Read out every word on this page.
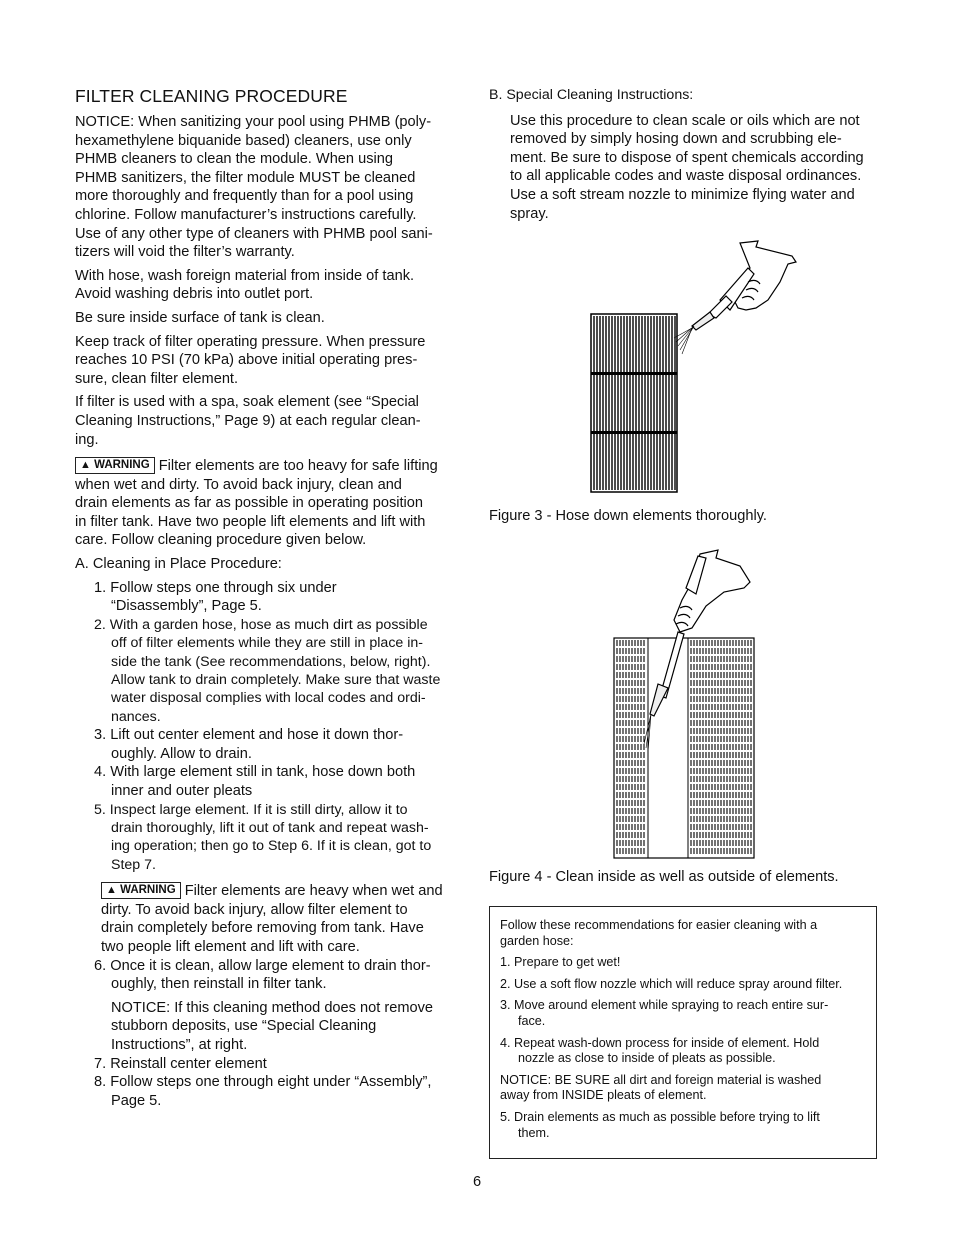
FILTER CLEANING PROCEDURE

NOTICE: When sanitizing your pool using PHMB (poly-
hexamethylene biquanide based) cleaners, use only
PHMB cleaners to clean the module. When using
PHMB sanitizers, the filter module MUST be cleaned
more thoroughly and frequently than for a pool using
chlorine. Follow manufacturer’s instructions carefully.
Use of any other type of cleaners with PHMB pool sani-
tizers will void the filter’s warranty.

With hose, wash foreign material from inside of tank.
Avoid washing debris into outlet port.

Be sure inside surface of tank is clean.

Keep track of filter operating pressure. When pressure
reaches 10 PSI (70 kPa) above initial operating pres-
sure, clean filter element.

If filter is used with a spa, soak element (see “Special
Cleaning Instructions,” Page 9) at each regular clean-
ing.

▲ WARNING Filter elements are too heavy for safe lifting
when wet and dirty. To avoid back injury, clean and
drain elements as far as possible in operating position
in filter tank. Have two people lift elements and lift with
care. Follow cleaning procedure given below.

A. Cleaning in Place Procedure:

1. Follow steps one through six under
“Disassembly”, Page 5.

2. With a garden hose, hose as much dirt as possible
off of filter elements while they are still in place in-
side the tank (See recommendations, below, right).
Allow tank to drain completely. Make sure that waste
water disposal complies with local codes and ordi-
nances.

3. Lift out center element and hose it down thor-
oughly. Allow to drain.

4. With large element still in tank, hose down both
inner and outer pleats

5. Inspect large element. If it is still dirty, allow it to
drain thoroughly, lift it out of tank and repeat wash-
ing operation; then go to Step 6. If it is clean, got to
Step 7.

▲ WARNING Filter elements are heavy when wet and
dirty. To avoid back injury, allow filter element to
drain completely before removing from tank. Have
two people lift element and lift with care.

6. Once it is clean, allow large element to drain thor-
oughly, then reinstall in filter tank.

NOTICE: If this cleaning method does not remove
stubborn deposits, use “Special Cleaning
Instructions”, at right.

7. Reinstall center element

8. Follow steps one through eight under “Assembly”,
Page 5.

B. Special Cleaning Instructions:

Use this procedure to clean scale or oils which are not
removed by simply hosing down and scrubbing ele-
ment. Be sure to dispose of spent chemicals according
to all applicable codes and waste disposal ordinances.
Use a soft stream nozzle to minimize flying water and
spray.

Figure 3 - Hose down elements thoroughly.
Figure 4 - Clean inside as well as outside of elements.

Follow these recommendations for easier cleaning with a
garden hose:

1. Prepare to get wet!

2. Use a soft flow nozzle which will reduce spray around filter.

3. Move around element while spraying to reach entire sur-
face.

4. Repeat wash-down process for inside of element. Hold
nozzle as close to inside of pleats as possible.

NOTICE: BE SURE all dirt and foreign material is washed
away from INSIDE pleats of element.

5. Drain elements as much as possible before trying to lift
them.

6
